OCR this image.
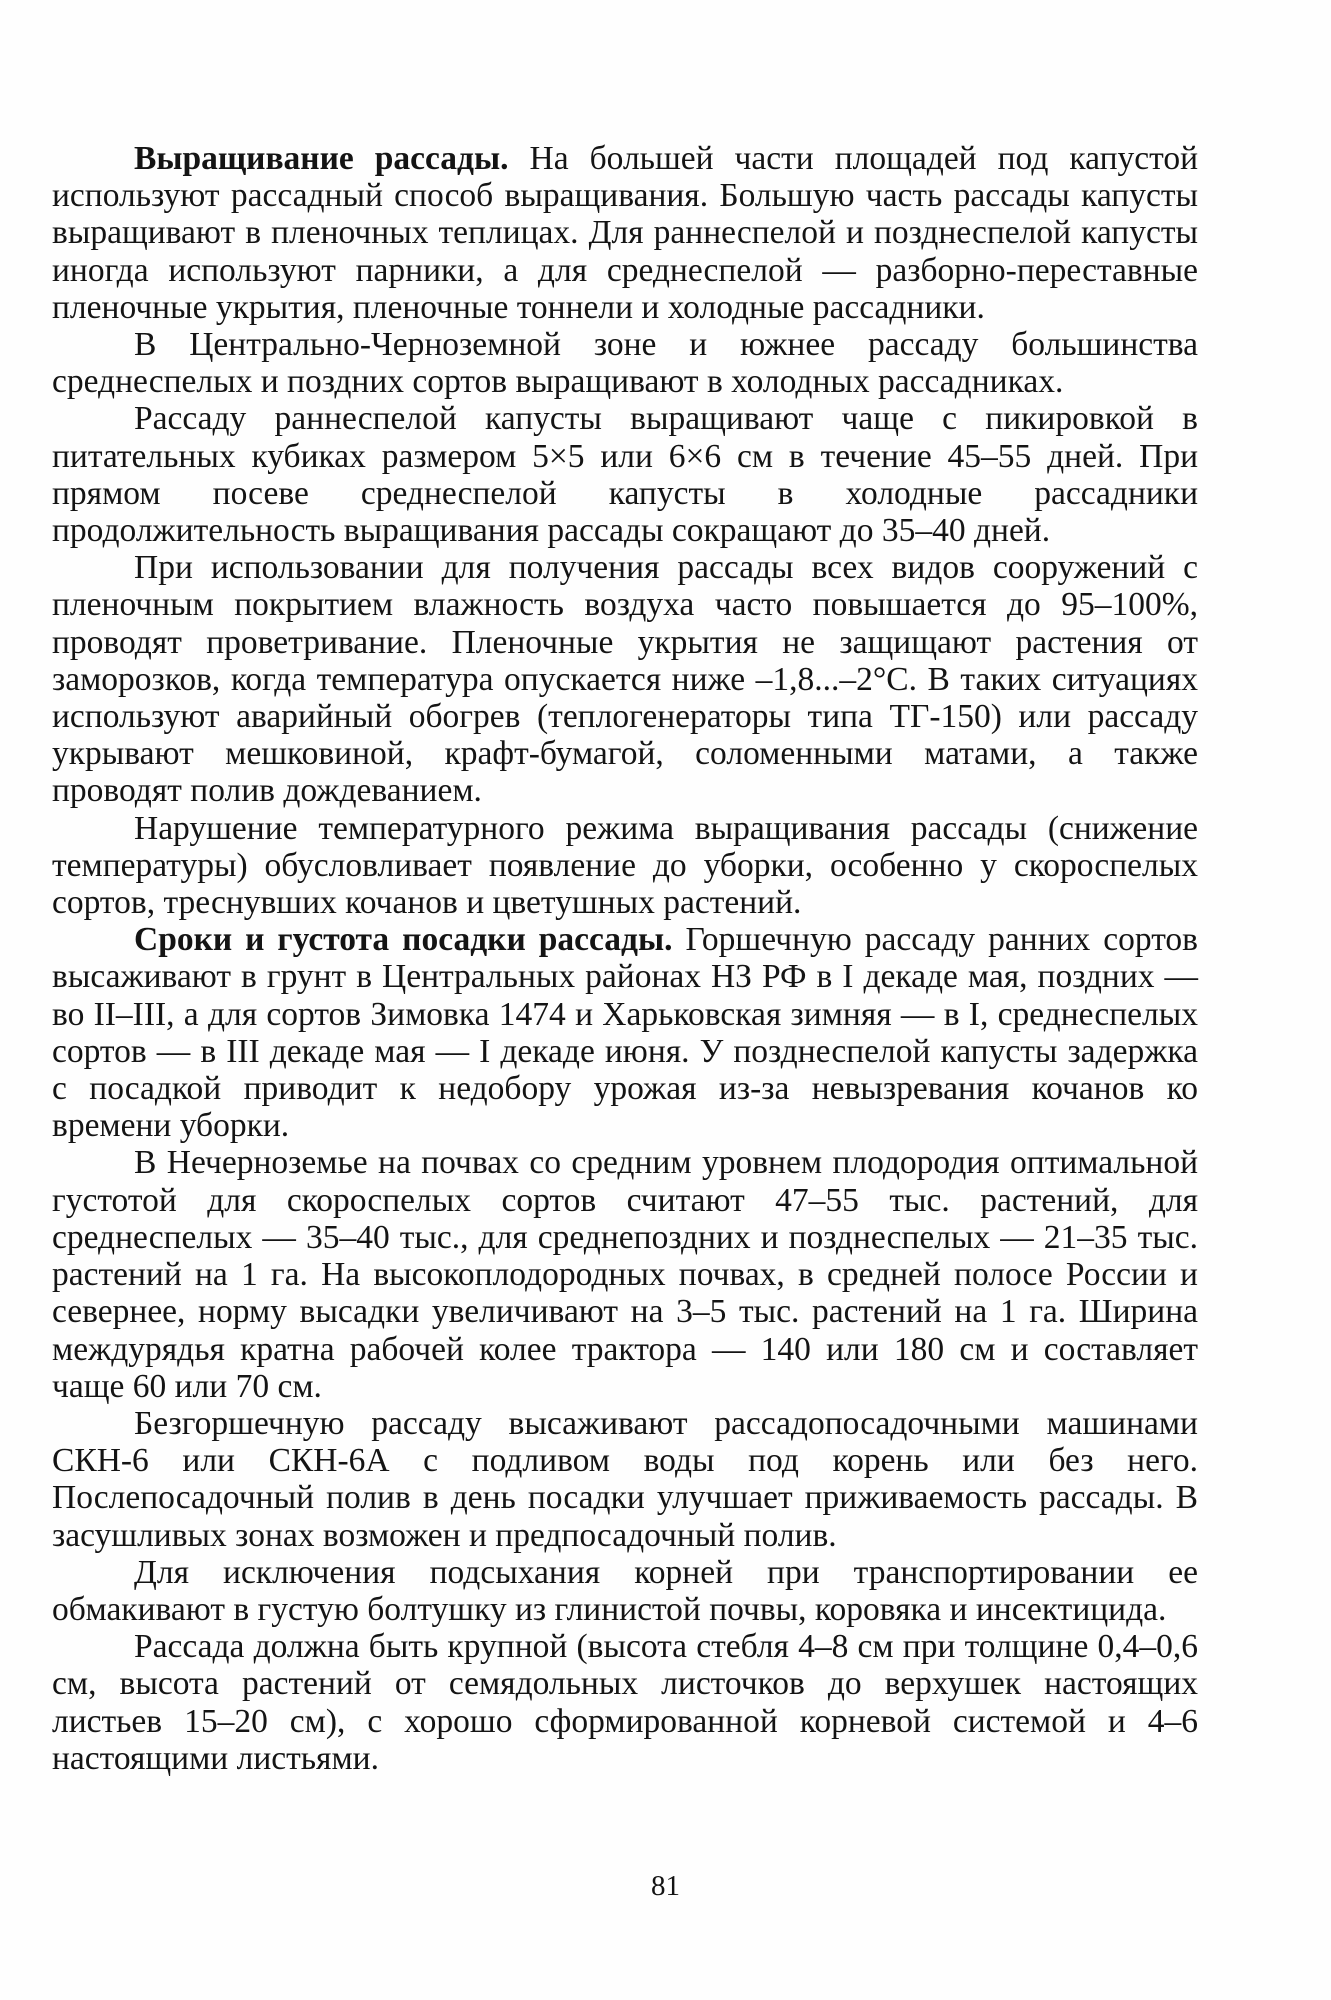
Выращивание рассады. На большей части площадей под капустой используют рассадный способ выращивания. Большую часть рассады капусты выращивают в пленочных теплицах. Для раннеспелой и позднеспелой капусты иногда используют парники, а для среднеспелой — разборно-переставные пленочные укрытия, пленочные тоннели и холодные рассадники.

В Центрально-Черноземной зоне и южнее рассаду большинства среднеспелых и поздних сортов выращивают в холодных рассадниках.

Рассаду раннеспелой капусты выращивают чаще с пикировкой в питательных кубиках размером 5×5 или 6×6 см в течение 45–55 дней. При прямом посеве среднеспелой капусты в холодные рассадники продолжительность выращивания рассады сокращают до 35–40 дней.

При использовании для получения рассады всех видов сооружений с пленочным покрытием влажность воздуха часто повышается до 95–100%, проводят проветривание. Пленочные укрытия не защищают растения от заморозков, когда температура опускается ниже –1,8...–2°С. В таких ситуациях используют аварийный обогрев (теплогенераторы типа ТГ-150) или рассаду укрывают мешковиной, крафт-бумагой, соломенными матами, а также проводят полив дождеванием.

Нарушение температурного режима выращивания рассады (снижение температуры) обусловливает появление до уборки, особенно у скороспелых сортов, треснувших кочанов и цветушных растений.

Сроки и густота посадки рассады. Горшечную рассаду ранних сортов высаживают в грунт в Центральных районах НЗ РФ в I декаде мая, поздних — во II–III, а для сортов Зимовка 1474 и Харьковская зимняя — в I, среднеспелых сортов — в III декаде мая — I декаде июня. У позднеспелой капусты задержка с посадкой приводит к недобору урожая из-за невызревания кочанов ко времени уборки.

В Нечерноземье на почвах со средним уровнем плодородия оптимальной густотой для скороспелых сортов считают 47–55 тыс. растений, для среднеспелых — 35–40 тыс., для среднепоздних и позднеспелых — 21–35 тыс. растений на 1 га. На высокоплодородных почвах, в средней полосе России и севернее, норму высадки увеличивают на 3–5 тыс. растений на 1 га. Ширина междурядья кратна рабочей колее трактора — 140 или 180 см и составляет чаще 60 или 70 см.

Безгоршечную рассаду высаживают рассадопосадочными машинами СКН-6 или СКН-6А с подливом воды под корень или без него. Послепосадочный полив в день посадки улучшает приживаемость рассады. В засушливых зонах возможен и предпосадочный полив.

Для исключения подсыхания корней при транспортировании ее обмакивают в густую болтушку из глинистой почвы, коровяка и инсектицида.

Рассада должна быть крупной (высота стебля 4–8 см при толщине 0,4–0,6 см, высота растений от семядольных листочков до верхушек настоящих листьев 15–20 см), с хорошо сформированной корневой системой и 4–6 настоящими листьями.

81
